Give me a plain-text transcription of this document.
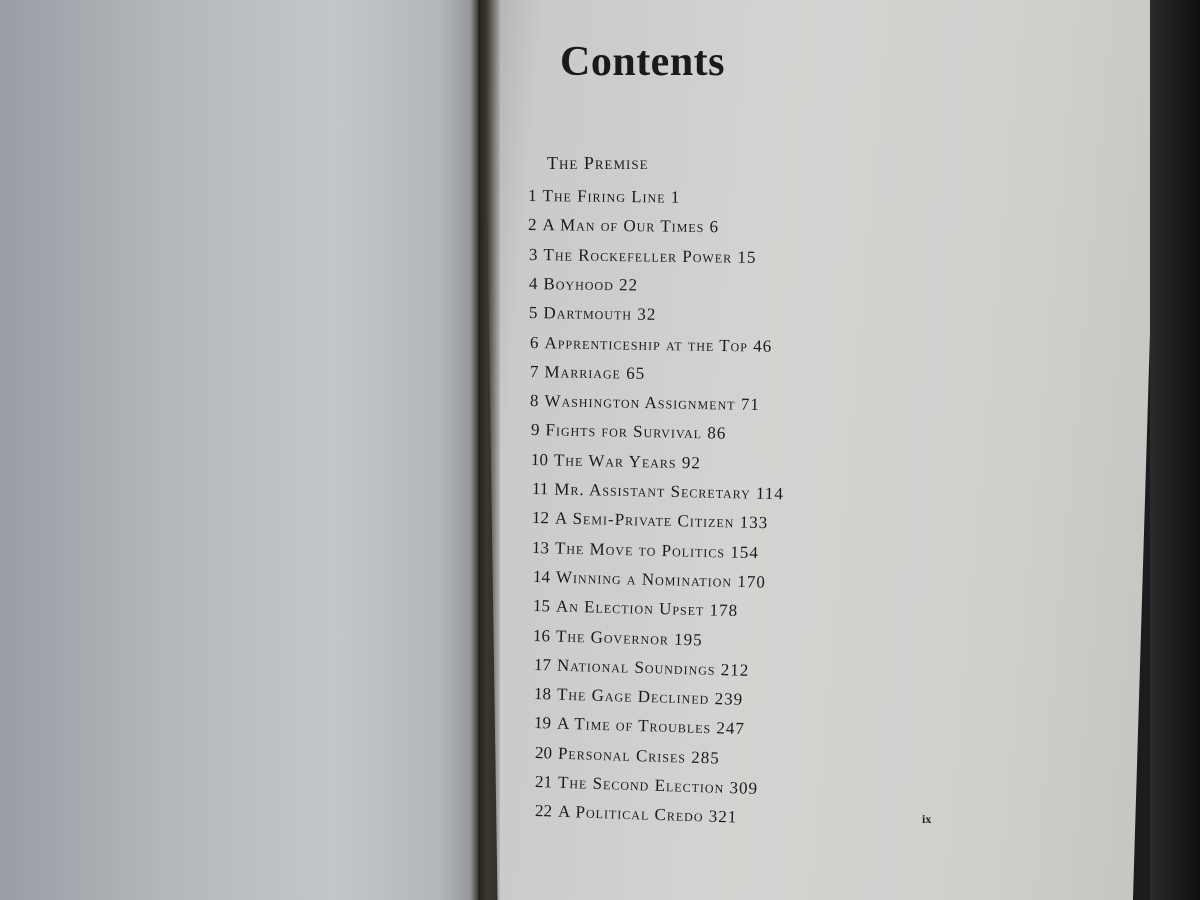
Contents
The Premise
1 The Firing Line 1
2 A Man of Our Times 6
3 The Rockefeller Power 15
4 Boyhood 22
5 Dartmouth 32
6 Apprenticeship at the Top 46
7 Marriage 65
8 Washington Assignment 71
9 Fights for Survival 86
10 The War Years 92
11 Mr. Assistant Secretary 114
12 A Semi-Private Citizen 133
13 The Move to Politics 154
14 Winning a Nomination 170
15 An Election Upset 178
16 The Governor 195
17 National Soundings 212
18 The Gage Declined 239
19 A Time of Troubles 247
20 Personal Crises 285
21 The Second Election 309
22 A Political Credo 321	ix
